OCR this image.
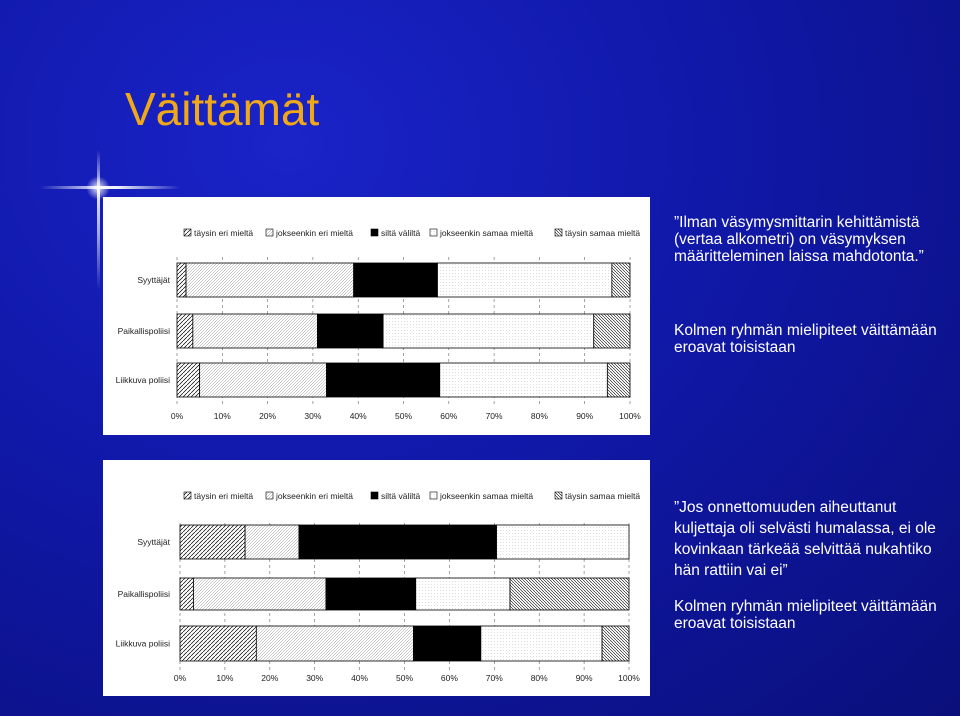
Väittämät
täysin eri mieltä	jokseenkin eri mieltä	siltä väliltä jokseenkin samaa mieltä	täysin samaa mieltä
Syyttäjät
Paikallispoliisi
Liikkuva poliisi
0%	10%	20%	30%	40%	50%	60%	70%	80%	90%	100%
täysin eri mieltä	jokseenkin eri mieltä	siltä väliltä jokseenkin samaa mieltä	täysin samaa mieltä
Syyttäjät
Paikallispoliisi
Liikkuva poliisi
0%	10%	20%	30%	40%	50%	60%	70%	80%	90%	100%

”Ilman väsymysmittarin kehittämistä (vertaa alkometri) on väsymyksen määritteleminen laissa mahdotonta.”

Kolmen ryhmän mielipiteet väittämään eroavat toisistaan

”Jos onnettomuuden aiheuttanut kuljettaja oli selvästi humalassa, ei ole kovinkaan tärkeää selvittää nukahtiko hän rattiin vai ei”

Kolmen ryhmän mielipiteet väittämään eroavat toisistaan
